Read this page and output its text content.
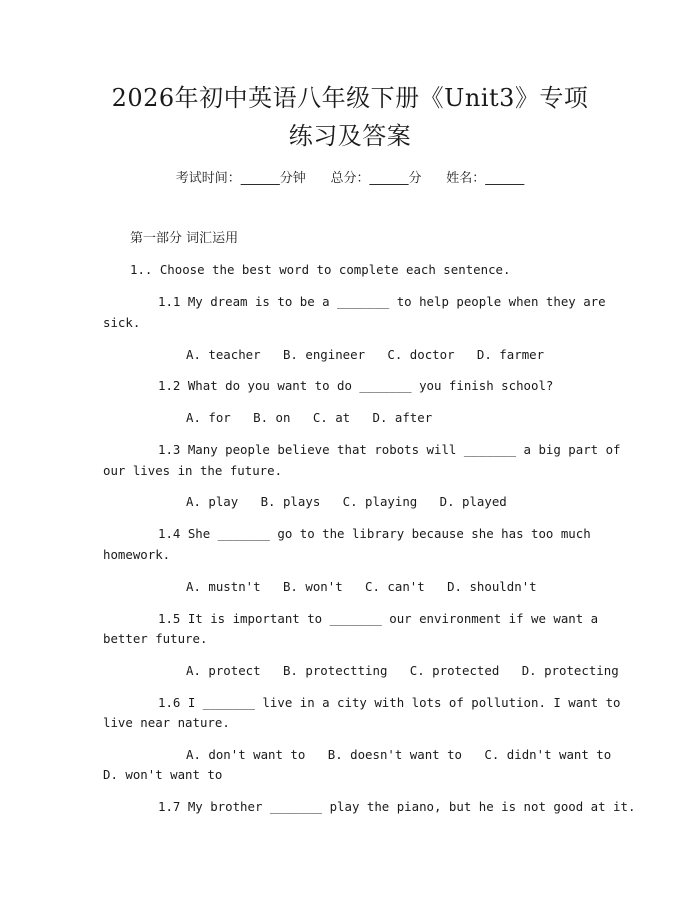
2026年初中英语八年级下册《Unit3》专项
练习及答案
考试时间：______分钟      总分：______分      姓名：______
第一部分 词汇运用
1.. Choose the best word to complete each sentence.
1.1 My dream is to be a _______ to help people when they are
sick.
A. teacher   B. engineer   C. doctor   D. farmer
1.2 What do you want to do _______ you finish school?
A. for   B. on   C. at   D. after
1.3 Many people believe that robots will _______ a big part of
our lives in the future.
A. play   B. plays   C. playing   D. played
1.4 She _______ go to the library because she has too much
homework.
A. mustn't   B. won't   C. can't   D. shouldn't
1.5 It is important to _______ our environment if we want a
better future.
A. protect   B. protectting   C. protected   D. protecting
1.6 I _______ live in a city with lots of pollution. I want to
live near nature.
A. don't want to   B. doesn't want to   C. didn't want to
D. won't want to
1.7 My brother _______ play the piano, but he is not good at it.
